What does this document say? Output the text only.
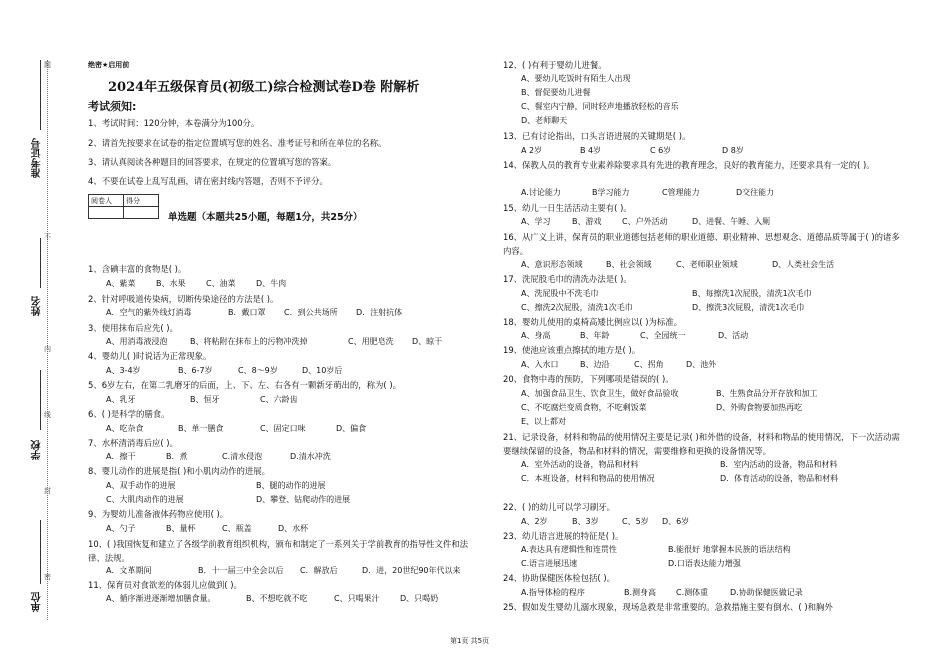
题
不
内
线
封
密
准考证号
姓名
学校
单位
绝密★启用前
2024年五级保育员(初级工)综合检测试卷D卷 附解析
考试须知:
1、考试时间：120分钟，本卷满分为100分。
2、请首先按要求在试卷的指定位置填写您的姓名、准考证号和所在单位的名称。
3、请认真阅读各种题目的回答要求，在规定的位置填写您的答案。
4、不要在试卷上乱写乱画，请在密封线内答题，否则不予评分。
阅卷人	得分

单选题（本题共25小题，每题1分，共25分）
1、含碘丰富的食物是( )。
A、紫菜	B、水果	C、油菜	D、牛肉
2、针对呼吸道传染病，切断传染途径的方法是( )。
A．空气的紫外线灯消毒	B．戴口罩 C．到公共场所 D．注射抗体
3、使用抹布后应先( )。
A、用消毒液浸泡	B、将粘附在抹布上的污物冲洗掉	C、用肥皂洗 D、晾干
4、婴幼儿( )时说话为正常现象。
A、3-4岁	B、6-7岁	C、8～9岁	D、10岁后
5、6岁左右，在第二乳磨牙的后面，上、下、左、右各有一颗新牙萌出的，称为( )。
A、乳牙	B、恒牙	C、六龄齿
6、( )是科学的膳食。
A、吃杂食	B、单一膳食	C、固定口味	D、偏食
7、水杯清消毒后应( )。
A．擦干	B．煮	C.清水侵泡	D.清水冲洗
8、婴儿动作的进展是指( )和小肌肉动作的进展。
A、双手动作的进展	B、腿的动作的进展
C、大肌肉动作的进展	D、攀登、钻爬动作的进展
9、为婴幼儿准备液体药物应使用( )。
A、勺子	B、量杯	C、瓶盖	D、水杯
10、( )我国恢复和建立了各级学前教育组织机构，颁布和制定了一系列关于学前教育的指导性文件和法律、法规。
A．文革期间	B．十一届三中全会以后 C．解放后	D．进，20世纪90年代以来
11、保育员对食欲差的体弱儿应做到( )。
A、循序渐进逐渐增加膳食量。	B、不想吃就不吃	C、只喝果汁	D、只喝奶
12、( )有利于婴幼儿进餐。
A、要幼儿吃饭时有陌生人出现
B、督促要幼儿进餐
C、餐室内宁静，同时轻声地播放轻松的音乐
D、老师聊天
13、已有讨论指出，口头言语进展的关键期是( )。
A 2岁	B 4岁	C 6岁	D 8岁
14、保教人员的教育专业素养除要求具有先进的教育理念，良好的教育能力，还要求具有一定的( )。
A.讨论能力	B学习能力	C管理能力	D交往能力
15、幼儿一日生活活动主要有( )。
A、学习	B、游戏	C、户外活动	D、进餐、午睡、入厕
16、从广义上讲，保育员的职业道德包括老师的职业道德、职业精神、思想观念、道德品质等属于( )的诸多内容。
A、意识形态领域	B、社会领域	C、老师职业领域	D、人类社会生活
17、洗屁股毛巾的清洗办法是( )。
A、洗屁股中不洗毛巾	B、每擦洗1次屁股，清洗1次毛巾
C、擦洗2次屁股，清洗1次毛巾	D、擦洗3次屁股，清洗1次毛巾
18、婴幼儿使用的桌椅高矮比例应以( )为标准。
A、身高	B、年龄	C、全园统一	D、活动
19、使池应该重点擦拭的地方是( )。
A、入水口	B、边沿	C、拐角	D、池外
20、食物中毒的预防，下列哪项是错误的( )。
A、加强食品卫生、饮食卫生，做好食品验收	B、生熟食品分开存放和加工
C、不吃腐烂变质食物，不吃剩饭菜	D、外购食物要加热再吃
E、以上都对
21、记录设备，材料和物品的使用情况主要是记录( )和外借的设备，材料和物品的使用情况，下一次活动需要继续保留的设备，物品和材料的情况，需要维修和更换的设备情况等。
A．室外活动的设备，物品和材料	B．室内活动的设备，物品和材料
C．本班设备，材料和物品的使用情况	D．体育活动的设备，物品和材料
22、( )的幼儿可以学习刷牙。
A、2岁	B、3岁	C、5岁 D、6岁
23、幼儿语言进展的特征是( )。
A.表达具有逻辑性和连贯性	B.能很好 地掌握本民族的语法结构
C.语言进展迅速	D.口语表达能力增强
24、协助保健医体检包括( )。
A.指导体检的程序	B.测身高 C.测体重	D.协助保健医做记录
25、假如发生婴幼儿溺水现象，现场急救是非常重要的。急救措施主要有倒水、( )和胸外
第1页 共5页
